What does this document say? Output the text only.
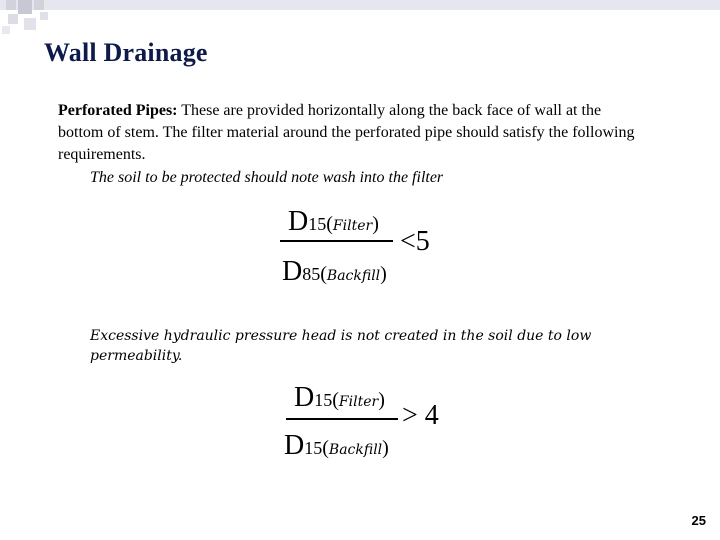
Wall Drainage
Perforated Pipes: These are provided horizontally along the back face of wall at the bottom of stem. The filter material around the perforated pipe should satisfy the following requirements.
The soil to be protected should note wash into the filter
D15(Filter)
D85(Backfill)
<5
Excessive hydraulic pressure head is not created in the soil due to low permeability.
D15(Filter)
D15(Backfill)
> 4
25
